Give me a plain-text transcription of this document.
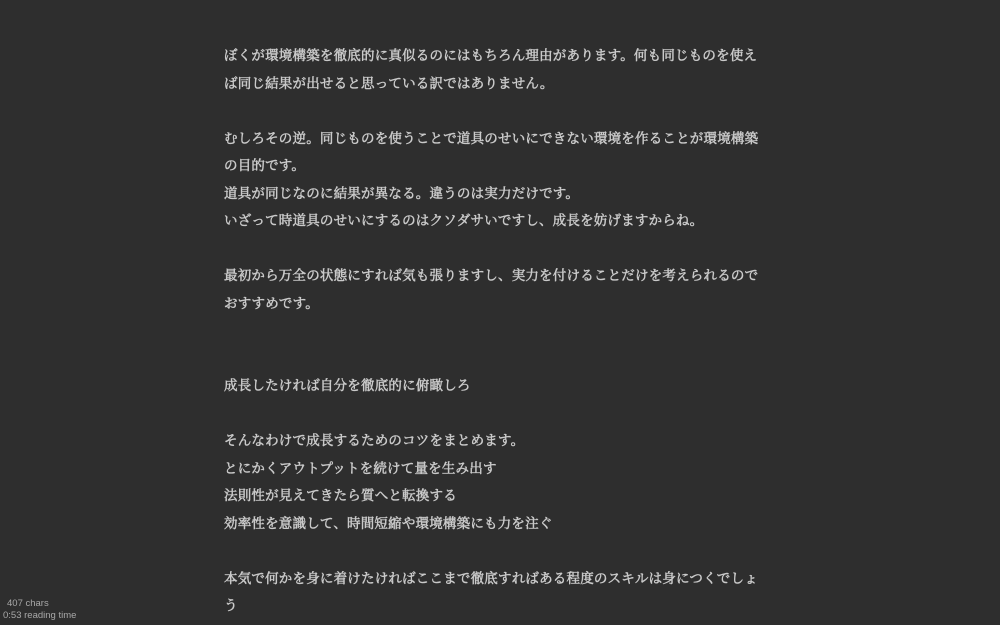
ぼくが環境構築を徹底的に真似るのにはもちろん理由があります。何も同じものを使え
ば同じ結果が出せると思っている訳ではありません。
むしろその逆。同じものを使うことで道具のせいにできない環境を作ることが環境構築
の目的です。
道具が同じなのに結果が異なる。違うのは実力だけです。
いざって時道具のせいにするのはクソダサいですし、成長を妨げますからね。
最初から万全の状態にすれば気も張りますし、実力を付けることだけを考えられるので
おすすめです。
成長したければ自分を徹底的に俯瞰しろ
そんなわけで成長するためのコツをまとめます。
とにかくアウトプットを続けて量を生み出す
法則性が見えてきたら質へと転換する
効率性を意識して、時間短縮や環境構築にも力を注ぐ
本気で何かを身に着けたければここまで徹底すればある程度のスキルは身につくでしょ
う
407 chars
0:53 reading time
